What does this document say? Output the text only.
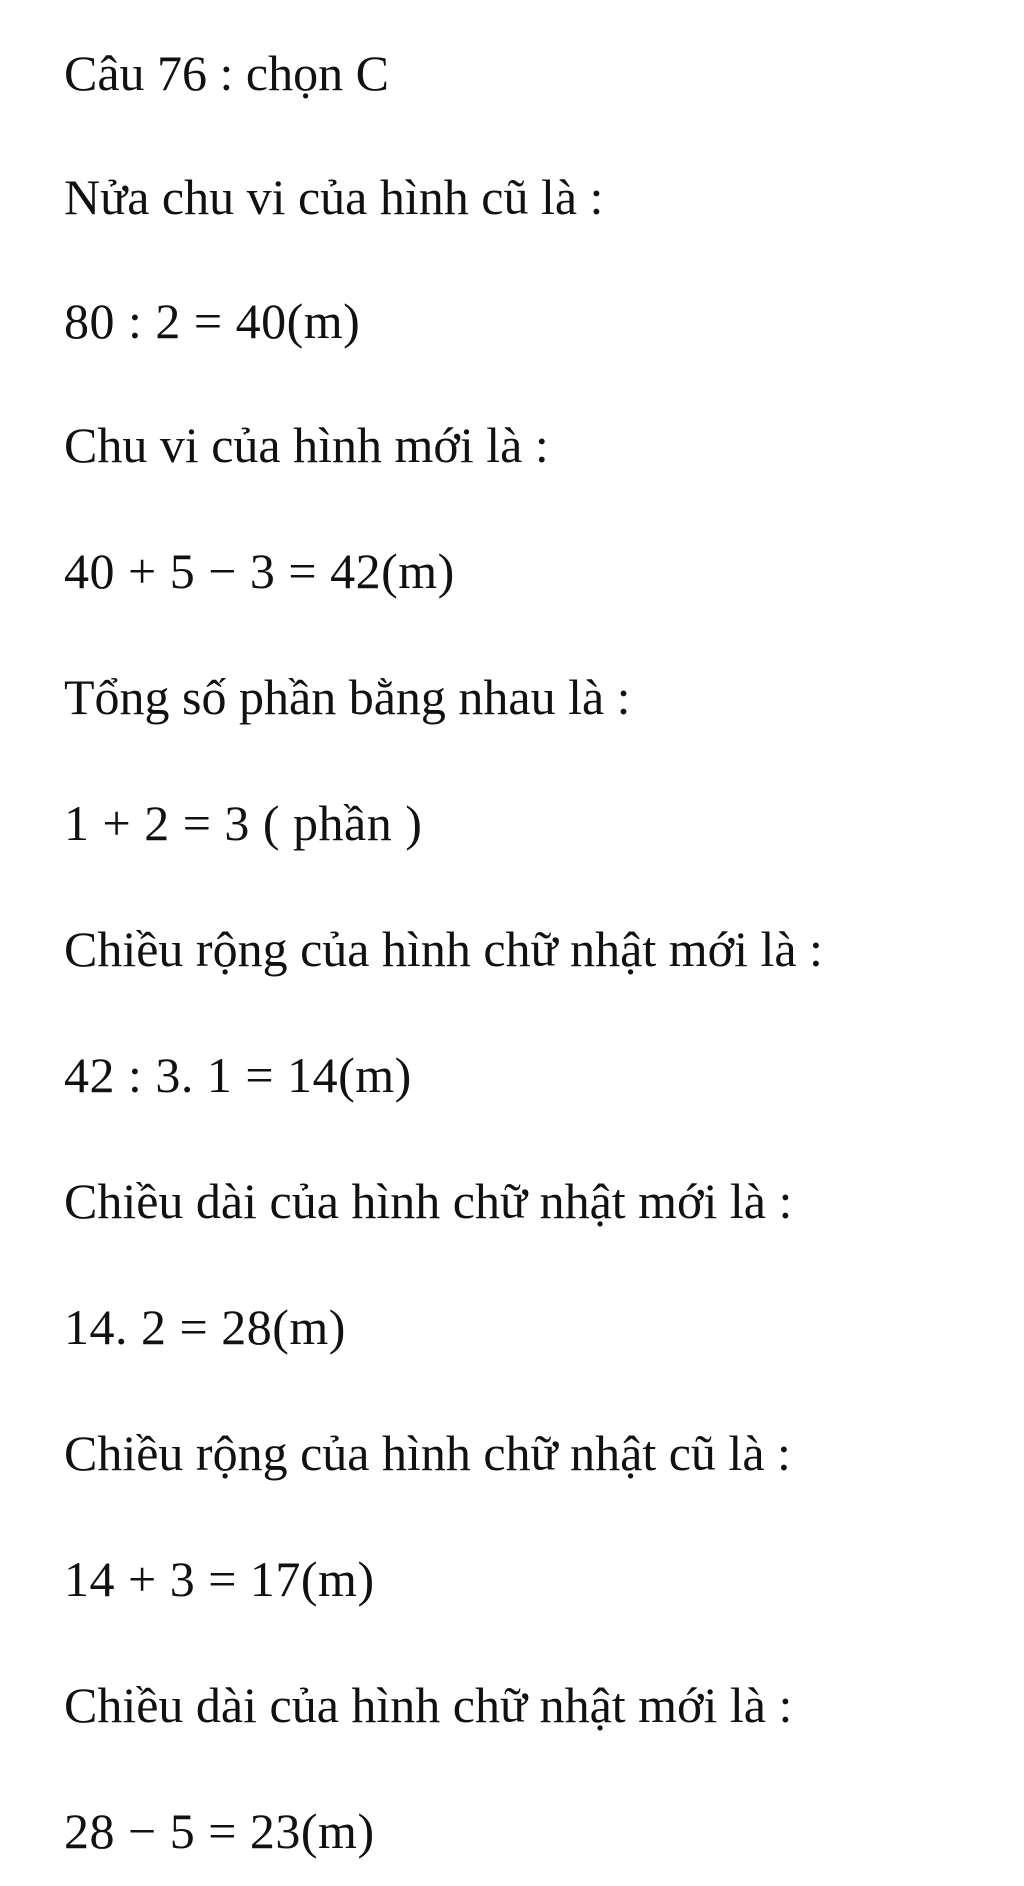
Câu 76 : chọn C
Nửa chu vi của hình cũ là :
80 : 2 = 40(m)
Chu vi của hình mới là :
40 + 5 − 3 = 42(m)
Tổng số phần bằng nhau là :
1 + 2 = 3 ( phần )
Chiều rộng của hình chữ nhật mới là :
42 : 3. 1 = 14(m)
Chiều dài của hình chữ nhật mới là :
14. 2 = 28(m)
Chiều rộng của hình chữ nhật cũ là :
14 + 3 = 17(m)
Chiều dài của hình chữ nhật mới là :
28 − 5 = 23(m)
